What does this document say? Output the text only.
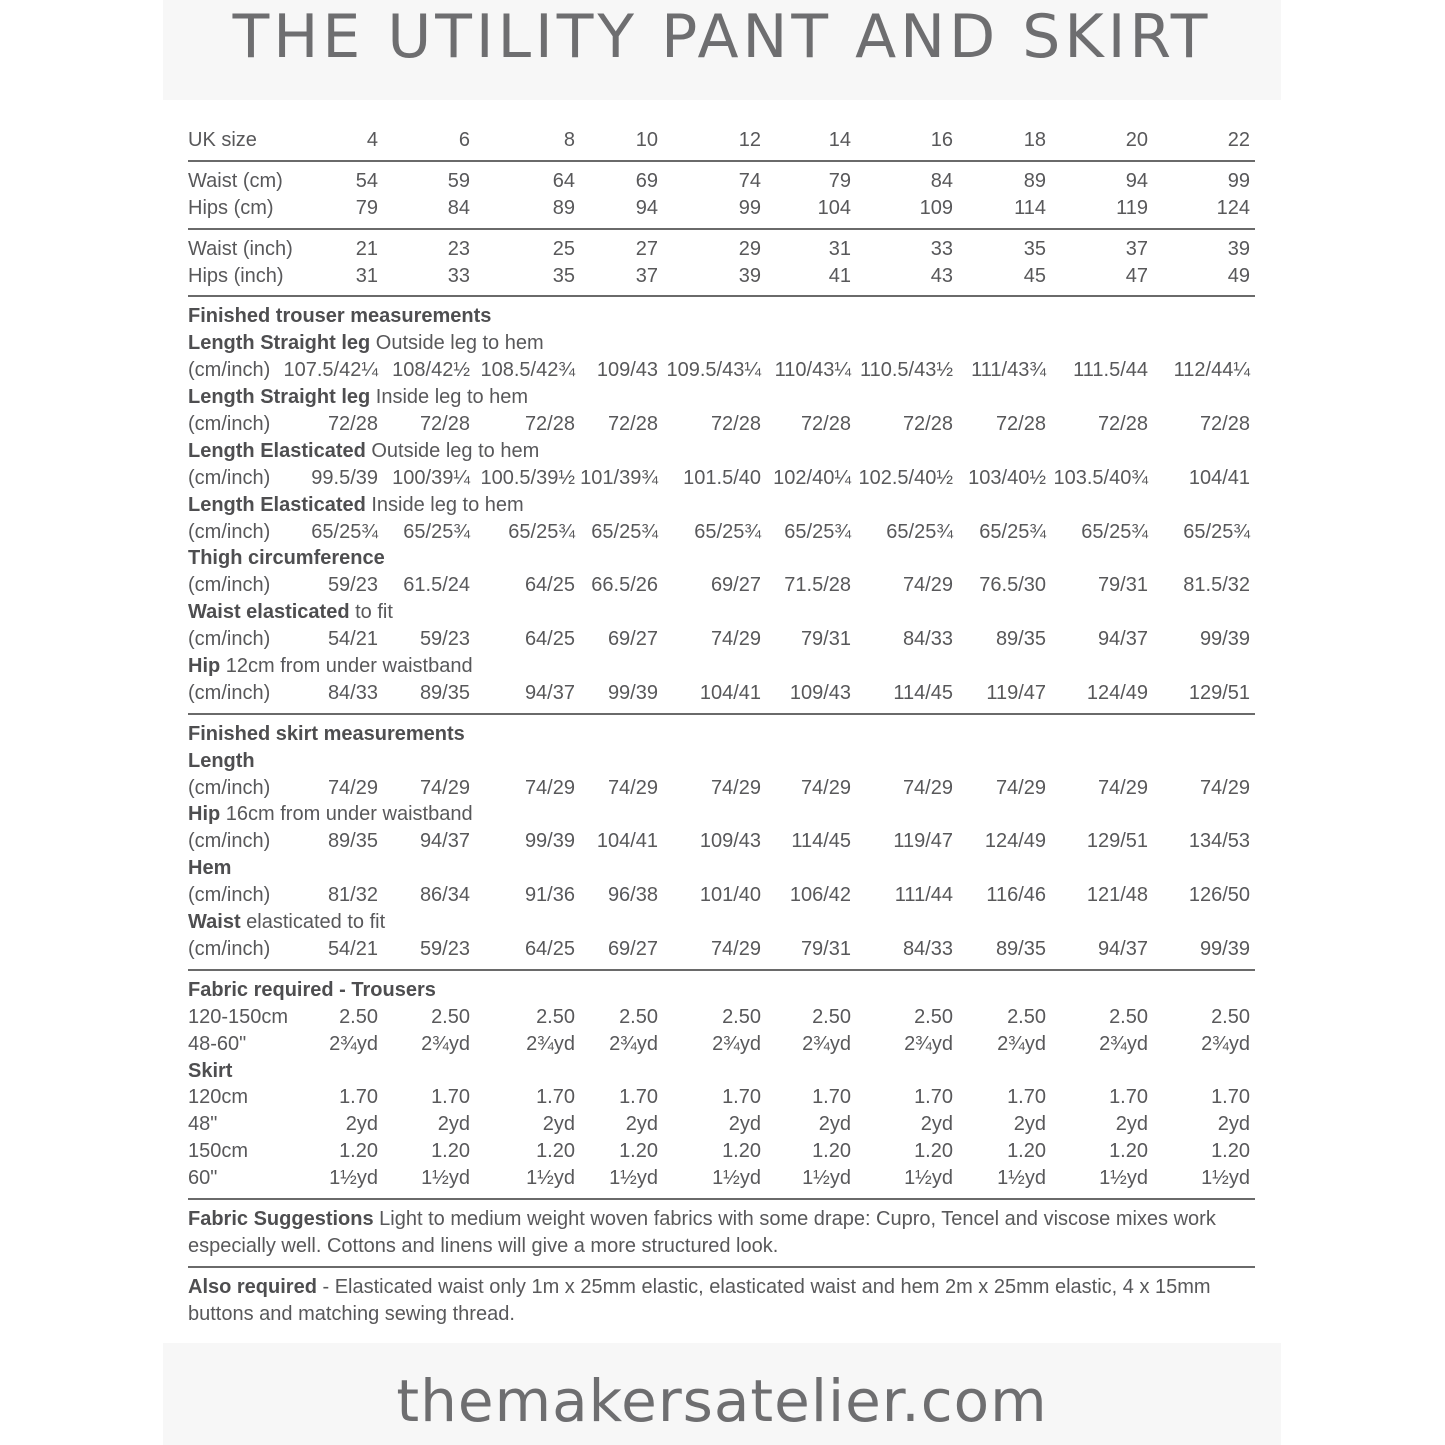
THE UTILITY PANT AND SKIRT
UK size	4	6	8	10	12	14	16	18	20	22
Waist (cm)	54	59	64	69	74	79	84	89	94	99
Hips (cm)	79	84	89	94	99	104	109	114	119	124
Waist (inch)	21	23	25	27	29	31	33	35	37	39
Hips (inch)	31	33	35	37	39	41	43	45	47	49
Finished trouser measurements
Length Straight leg Outside leg to hem
(cm/inch) 107.5/42¼ 108/42½ 108.5/42¾	109/43 109.5/43¼ 110/43¼ 110.5/43½ 111/43¾	111.5/44	112/44¼
Length Straight leg Inside leg to hem
(cm/inch)	72/28	72/28	72/28	72/28	72/28	72/28	72/28	72/28	72/28	72/28
Length Elasticated Outside leg to hem
(cm/inch)	99.5/39 100/39¼ 100.5/39½ 101/39¾	101.5/40 102/40¼ 102.5/40½ 103/40½ 103.5/40¾	104/41
Length Elasticated Inside leg to hem
(cm/inch)	65/25¾	65/25¾	65/25¾ 65/25¾	65/25¾	65/25¾	65/25¾	65/25¾	65/25¾	65/25¾
Thigh circumference
(cm/inch)	59/23	61.5/24	64/25 66.5/26	69/27	71.5/28	74/29	76.5/30	79/31	81.5/32
Waist elasticated to fit
(cm/inch)	54/21	59/23	64/25	69/27	74/29	79/31	84/33	89/35	94/37	99/39
Hip 12cm from under waistband
(cm/inch)	84/33	89/35	94/37	99/39	104/41	109/43	114/45	119/47	124/49	129/51
Finished skirt measurements
Length
(cm/inch)	74/29	74/29	74/29	74/29	74/29	74/29	74/29	74/29	74/29	74/29
Hip 16cm from under waistband
(cm/inch)	89/35	94/37	99/39	104/41	109/43	114/45	119/47	124/49	129/51	134/53
Hem
(cm/inch)	81/32	86/34	91/36	96/38	101/40	106/42	111/44	116/46	121/48	126/50
Waist elasticated to fit
(cm/inch)	54/21	59/23	64/25	69/27	74/29	79/31	84/33	89/35	94/37	99/39
Fabric required - Trousers
120-150cm	2.50	2.50	2.50	2.50	2.50	2.50	2.50	2.50	2.50	2.50
48-60"	2¾yd	2¾yd	2¾yd	2¾yd	2¾yd	2¾yd	2¾yd	2¾yd	2¾yd	2¾yd
Skirt
120cm	1.70	1.70	1.70	1.70	1.70	1.70	1.70	1.70	1.70	1.70
48"	2yd	2yd	2yd	2yd	2yd	2yd	2yd	2yd	2yd	2yd
150cm	1.20	1.20	1.20	1.20	1.20	1.20	1.20	1.20	1.20	1.20
60"	1½yd	1½yd	1½yd	1½yd	1½yd	1½yd	1½yd	1½yd	1½yd	1½yd
Fabric Suggestions Light to medium weight woven fabrics with some drape: Cupro, Tencel and viscose mixes work especially well. Cottons and linens will give a more structured look.
Also required - Elasticated waist only 1m x 25mm elastic, elasticated waist and hem 2m x 25mm elastic, 4 x 15mm buttons and matching sewing thread.
themakersatelier.com
